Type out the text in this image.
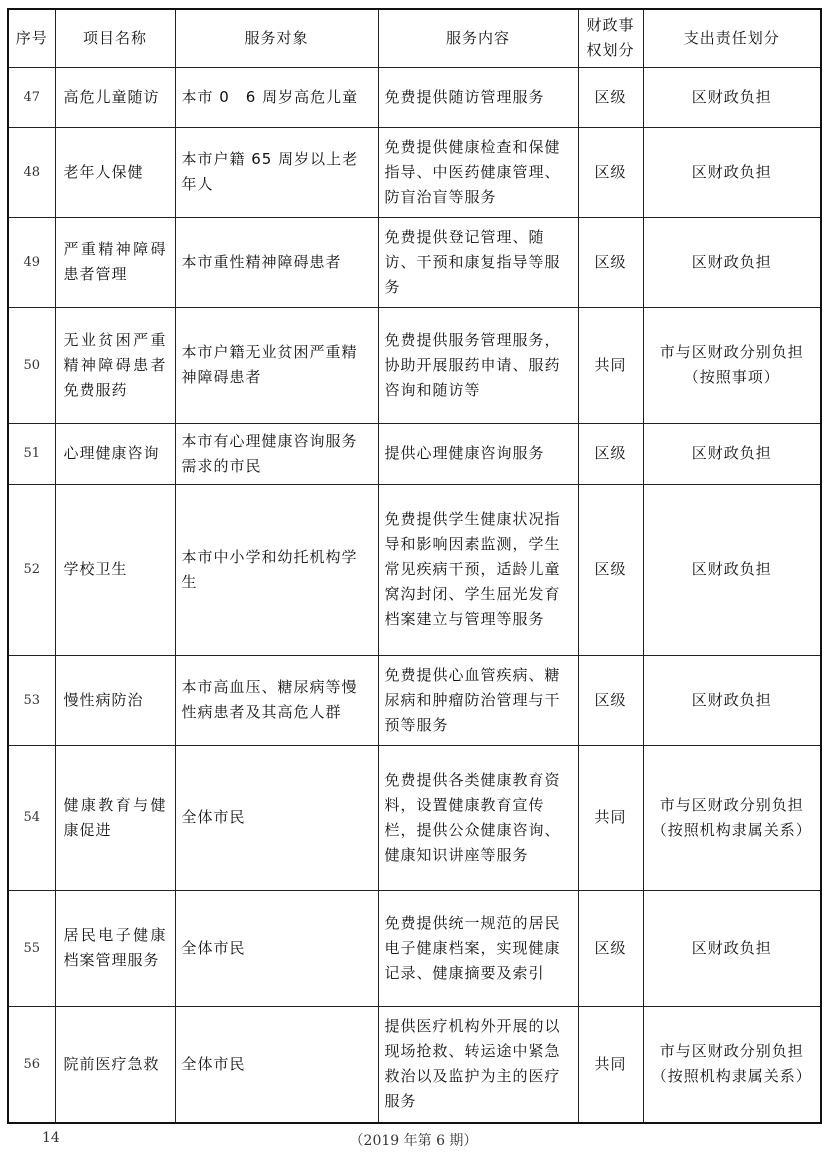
序号	项目名称	服务对象	服务内容	财政事权划分	支出责任划分
47	高危儿童随访	本市 0　6 周岁高危儿童	免费提供随访管理服务	区级	区财政负担
48	老年人保健	本市户籍 65 周岁以上老年人	免费提供健康检查和保健指导、中医药健康管理、防盲治盲等服务	区级	区财政负担
49	严重精神障碍患者管理	本市重性精神障碍患者	免费提供登记管理、随访、干预和康复指导等服务	区级	区财政负担
50	无业贫困严重精神障碍患者免费服药	本市户籍无业贫困严重精神障碍患者	免费提供服务管理服务，协助开展服药申请、服药咨询和随访等	共同	市与区财政分别负担（按照事项）
51	心理健康咨询	本市有心理健康咨询服务需求的市民	提供心理健康咨询服务	区级	区财政负担
52	学校卫生	本市中小学和幼托机构学生	免费提供学生健康状况指导和影响因素监测，学生常见疾病干预，适龄儿童窝沟封闭、学生屈光发育档案建立与管理等服务	区级	区财政负担
53	慢性病防治	本市高血压、糖尿病等慢性病患者及其高危人群	免费提供心血管疾病、糖尿病和肿瘤防治管理与干预等服务	区级	区财政负担
54	健康教育与健康促进	全体市民	免费提供各类健康教育资料，设置健康教育宣传栏，提供公众健康咨询、健康知识讲座等服务	共同	市与区财政分别负担（按照机构隶属关系）
55	居民电子健康档案管理服务	全体市民	免费提供统一规范的居民电子健康档案，实现健康记录、健康摘要及索引	区级	区财政负担
56	院前医疗急救	全体市民	提供医疗机构外开展的以现场抢救、转运途中紧急救治以及监护为主的医疗服务	共同	市与区财政分别负担（按照机构隶属关系）
（2019 年第 6 期）
14
